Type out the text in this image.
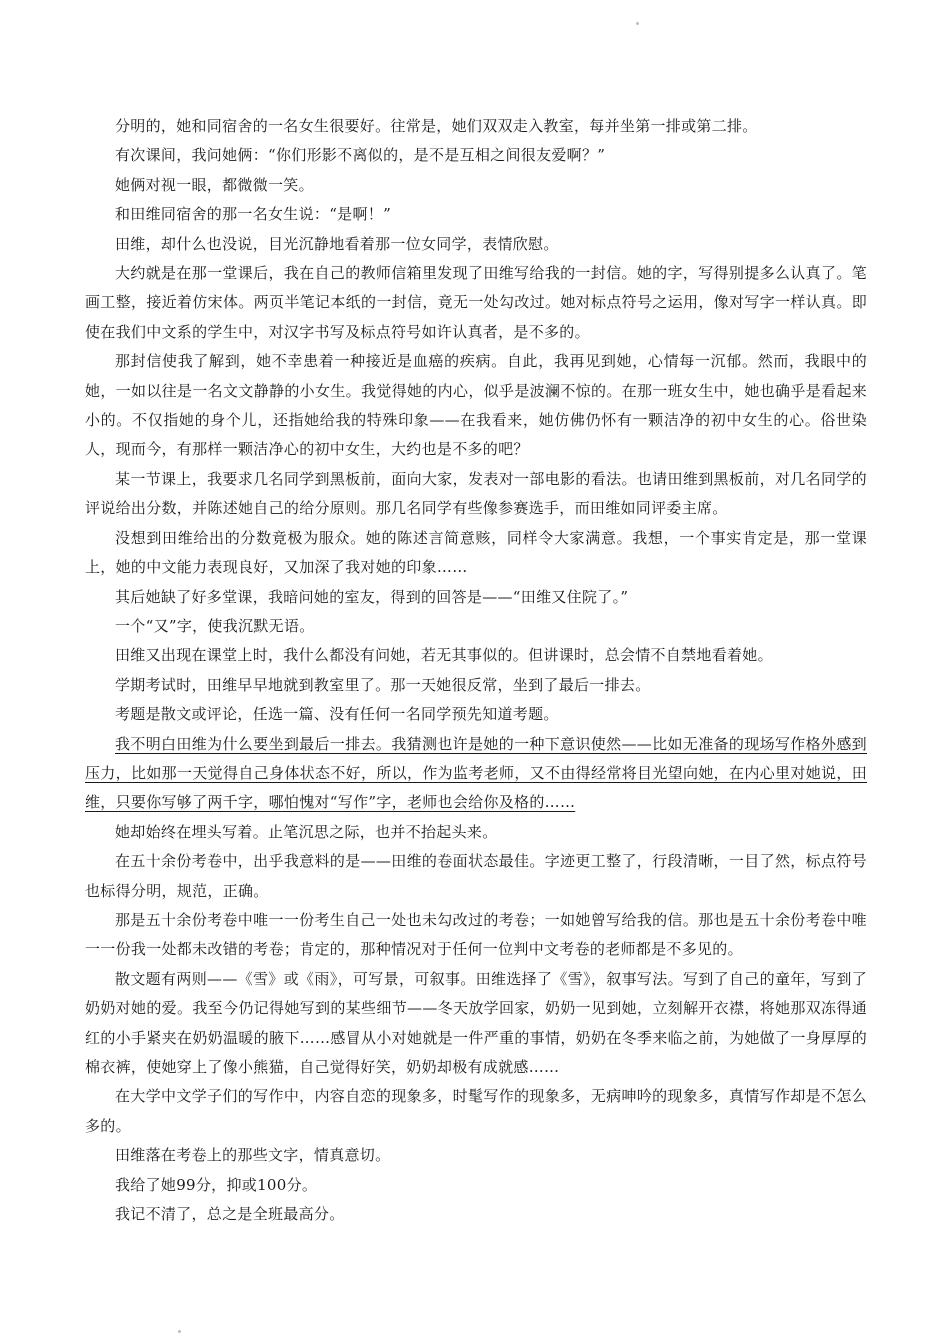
分明的，她和同宿舍的一名女生很要好。往常是，她们双双走入教室，每并坐第一排或第二排。

有次课间，我问她俩：“你们形影不离似的，是不是互相之间很友爱啊？”

她俩对视一眼，都微微一笑。

和田维同宿舍的那一名女生说：“是啊！”

田维，却什么也没说，目光沉静地看着那一位女同学，表情欣慰。

大约就是在那一堂课后，我在自己的教师信箱里发现了田维写给我的一封信。她的字，写得别提多么认真了。笔画工整，接近着仿宋体。两页半笔记本纸的一封信，竟无一处勾改过。她对标点符号之运用，像对写字一样认真。即使在我们中文系的学生中，对汉字书写及标点符号如许认真者，是不多的。

那封信使我了解到，她不幸患着一种接近是血癌的疾病。自此，我再见到她，心情每一沉郁。然而，我眼中的她，一如以往是一名文文静静的小女生。我觉得她的内心，似乎是波澜不惊的。在那一班女生中，她也确乎是看起来小的。不仅指她的身个儿，还指她给我的特殊印象——在我看来，她仿佛仍怀有一颗洁净的初中女生的心。俗世染人，现而今，有那样一颗洁净心的初中女生，大约也是不多的吧？

某一节课上，我要求几名同学到黑板前，面向大家，发表对一部电影的看法。也请田维到黑板前，对几名同学的评说给出分数，并陈述她自己的给分原则。那几名同学有些像参赛选手，而田维如同评委主席。

没想到田维给出的分数竟极为服众。她的陈述言简意赅，同样令大家满意。我想，一个事实肯定是，那一堂课上，她的中文能力表现良好，又加深了我对她的印象……

其后她缺了好多堂课，我暗问她的室友，得到的回答是——“田维又住院了。”

一个“又”字，使我沉默无语。

田维又出现在课堂上时，我什么都没有问她，若无其事似的。但讲课时，总会情不自禁地看着她。

学期考试时，田维早早地就到教室里了。那一天她很反常，坐到了最后一排去。

考题是散文或评论，任选一篇、没有任何一名同学预先知道考题。

我不明白田维为什么要坐到最后一排去。我猜测也许是她的一种下意识使然——比如无准备的现场写作格外感到压力，比如那一天觉得自己身体状态不好，所以，作为监考老师，又不由得经常将目光望向她，在内心里对她说，田维，只要你写够了两千字，哪怕愧对“写作”字，老师也会给你及格的……

她却始终在埋头写着。止笔沉思之际，也并不抬起头来。

在五十余份考卷中，出乎我意料的是——田维的卷面状态最佳。字迹更工整了，行段清晰，一目了然，标点符号也标得分明，规范，正确。

那是五十余份考卷中唯一一份考生自己一处也未勾改过的考卷；一如她曾写给我的信。那也是五十余份考卷中唯一一份我一处都未改错的考卷；肯定的，那种情况对于任何一位判中文考卷的老师都是不多见的。

散文题有两则——《雪》或《雨》，可写景，可叙事。田维选择了《雪》，叙事写法。写到了自己的童年，写到了奶奶对她的爱。我至今仍记得她写到的某些细节——冬天放学回家，奶奶一见到她，立刻解开衣襟，将她那双冻得通红的小手紧夹在奶奶温暖的腋下……感冒从小对她就是一件严重的事情，奶奶在冬季来临之前，为她做了一身厚厚的棉衣裤，使她穿上了像小熊猫，自己觉得好笑，奶奶却极有成就感……

在大学中文学子们的写作中，内容自恋的现象多，时髦写作的现象多，无病呻吟的现象多，真情写作却是不怎么多的。

田维落在考卷上的那些文字，情真意切。

我给了她99分，抑或100分。

我记不清了，总之是全班最高分。
